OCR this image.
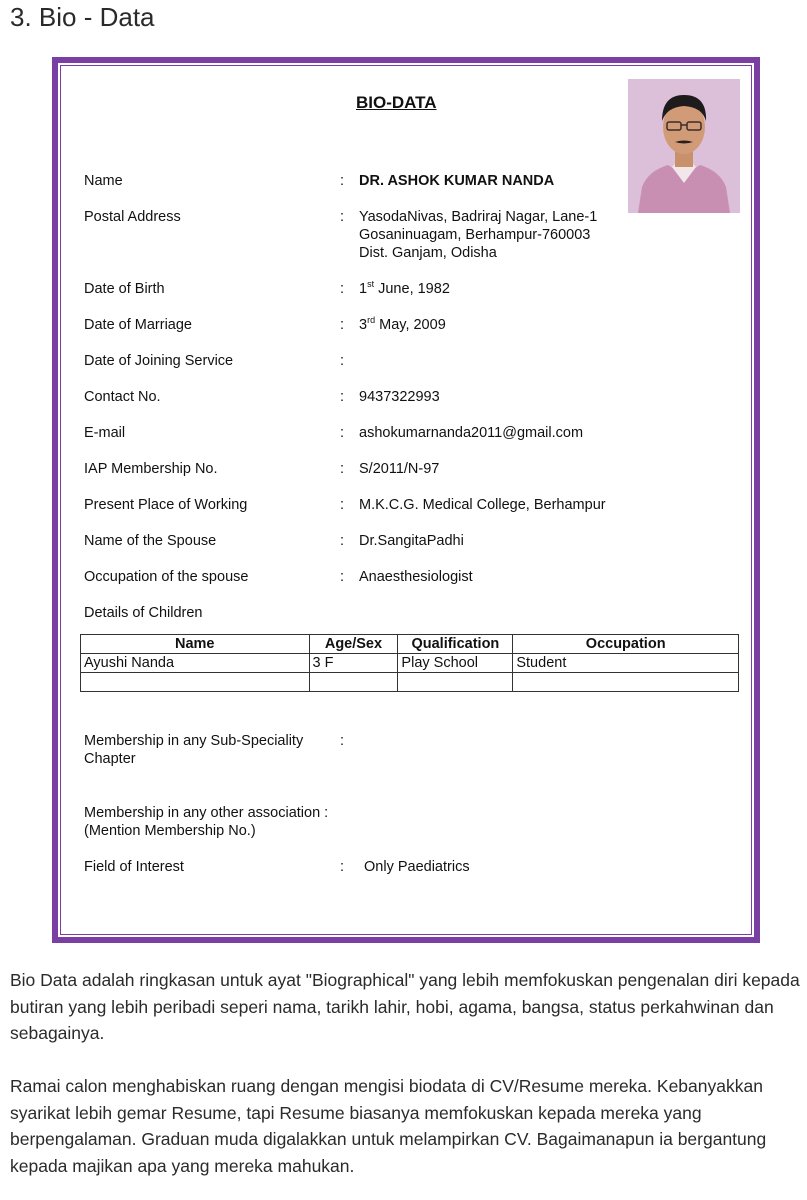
3. Bio - Data
BIO-DATA
Name	: DR. ASHOK KUMAR NANDA
Postal Address	: YasodaNivas, Badriraj Nagar, Lane-1
Gosaninuagam, Berhampur-760003
Dist. Ganjam, Odisha
Date of Birth	: 1st June, 1982
Date of Marriage	: 3rd May, 2009
Date of Joining Service	:
Contact No.	: 9437322993
E-mail	: ashokumarnanda2011@gmail.com
IAP Membership No.	: S/2011/N-97
Present Place of Working	: M.K.C.G. Medical College, Berhampur
Name of the Spouse	: Dr.SangitaPadhi
Occupation of the spouse	: Anaesthesiologist
Details of Children
Name	Age/Sex	Qualification	Occupation
Ayushi Nanda	3 F	Play School	Student

Membership in any Sub-Speciality	:
Chapter
Membership in any other association :
(Mention Membership No.)
Field of Interest	: Only Paediatrics

Bio Data adalah ringkasan untuk ayat "Biographical" yang lebih memfokuskan pengenalan diri kepada butiran yang lebih peribadi seperi nama, tarikh lahir, hobi, agama, bangsa, status perkahwinan dan sebagainya.

Ramai calon menghabiskan ruang dengan mengisi biodata di CV/Resume mereka. Kebanyakkan syarikat lebih gemar Resume, tapi Resume biasanya memfokuskan kepada mereka yang berpengalaman. Graduan muda digalakkan untuk melampirkan CV. Bagaimanapun ia bergantung kepada majikan apa yang mereka mahukan.
